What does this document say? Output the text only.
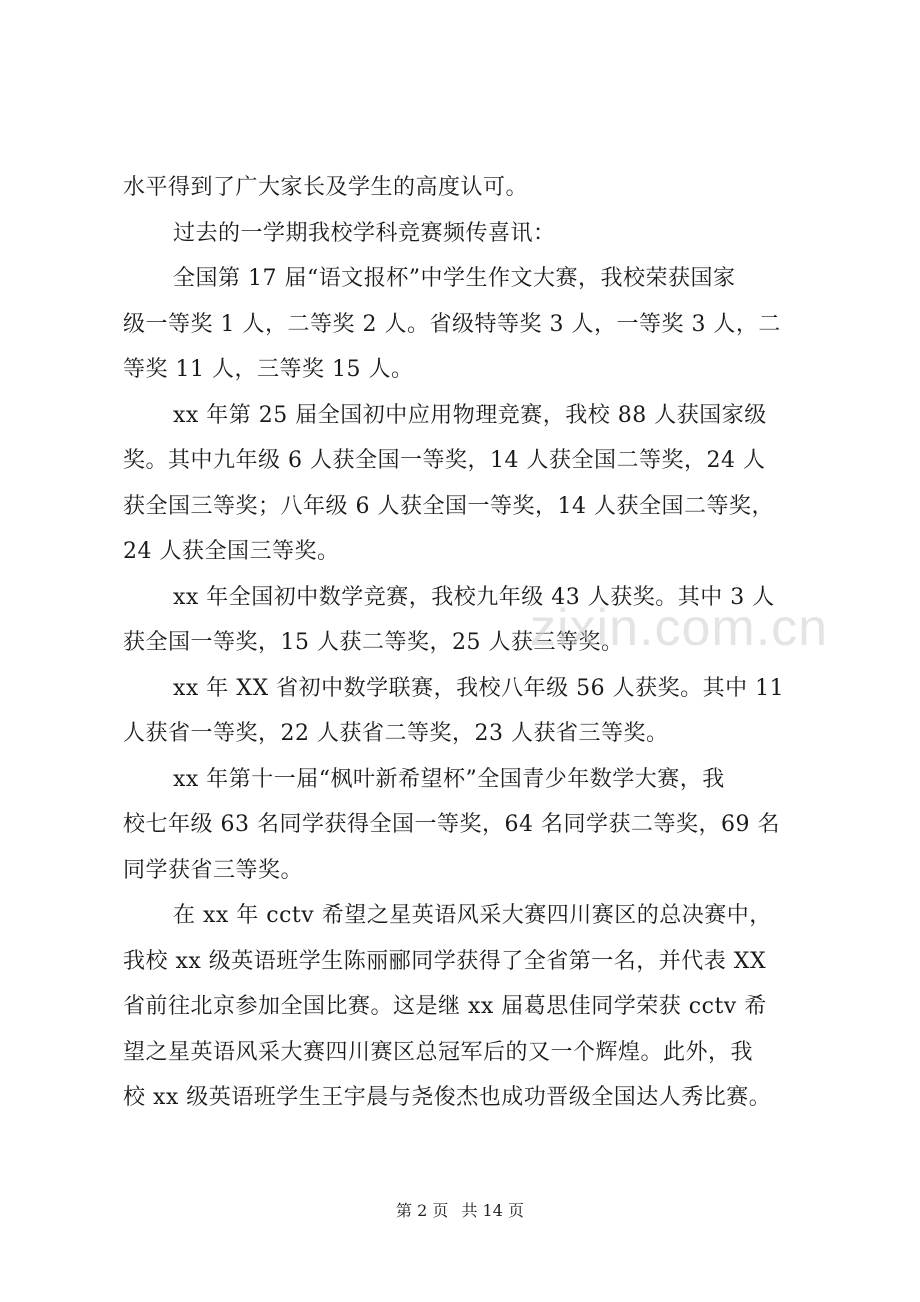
水平得到了广大家长及学生的高度认可。
过去的一学期我校学科竞赛频传喜讯：
全国第 17 届“语文报杯”中学生作文大赛，我校荣获国家
级一等奖 1 人，二等奖 2 人。省级特等奖 3 人，一等奖 3 人，二
等奖 11 人，三等奖 15 人。
xx 年第 25 届全国初中应用物理竞赛，我校 88 人获国家级
奖。其中九年级 6 人获全国一等奖，14 人获全国二等奖，24 人
获全国三等奖；八年级 6 人获全国一等奖，14 人获全国二等奖，
24 人获全国三等奖。
xx 年全国初中数学竞赛，我校九年级 43 人获奖。其中 3 人
获全国一等奖，15 人获二等奖，25 人获三等奖。
xx 年 XX 省初中数学联赛，我校八年级 56 人获奖。其中 11
人获省一等奖，22 人获省二等奖，23 人获省三等奖。
xx 年第十一届“枫叶新希望杯”全国青少年数学大赛，我
校七年级 63 名同学获得全国一等奖，64 名同学获二等奖，69 名
同学获省三等奖。
在 xx 年 cctv 希望之星英语风采大赛四川赛区的总决赛中，
我校 xx 级英语班学生陈丽郦同学获得了全省第一名，并代表 XX
省前往北京参加全国比赛。这是继 xx 届葛思佳同学荣获 cctv 希
望之星英语风采大赛四川赛区总冠军后的又一个辉煌。此外，我
校 xx 级英语班学生王宇晨与尧俊杰也成功晋级全国达人秀比赛。
zixin.com.cn
第 2 页 共 14 页
